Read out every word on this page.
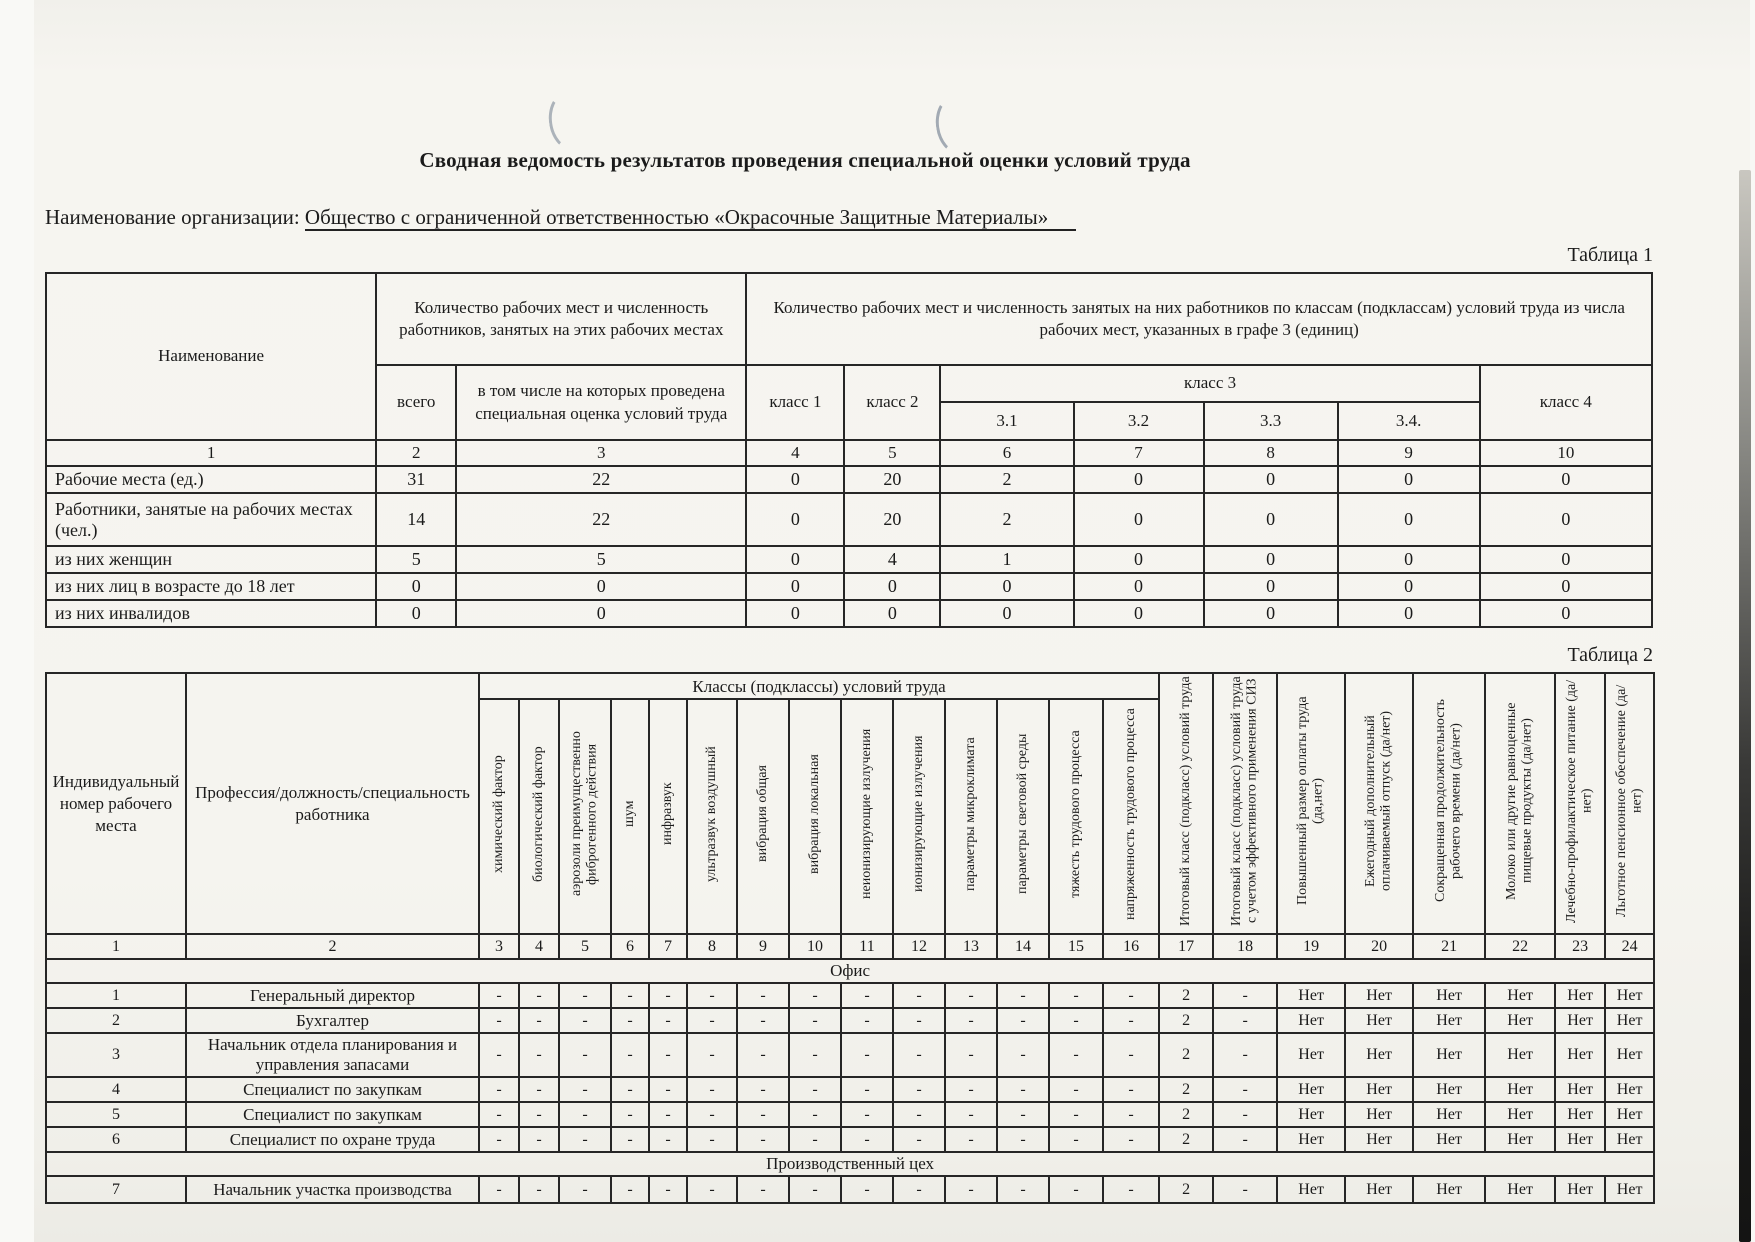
Сводная ведомость результатов проведения специальной оценки условий труда
Наименование организации: Общество с ограниченной ответственностью «Окрасочные Защитные Материалы»
Таблица 1
Наименование	Количество рабочих мест и численность работников, занятых на этих рабочих местах		Количество рабочих мест и численность занятых на них работников по классам (подклассам) условий труда из числа рабочих мест, указанных в графе 3 (единиц)						
	всего	в том числе на которых проведена специальная оценка условий труда	класс 1	класс 2	класс 3				класс 4
					3.1	3.2	3.3	3.4.	
1	2	3	4	5	6	7	8	9	10
Рабочие места (ед.)	31	22	0	20	2	0	0	0	0
Работники, занятые на рабочих местах (чел.)	14	22	0	20	2	0	0	0	0
из них женщин	5	5	0	4	1	0	0	0	0
из них лиц в возрасте до 18 лет	0	0	0	0	0	0	0	0	0
из них инвалидов	0	0	0	0	0	0	0	0	0
Таблица 2
Индивидуальный номер рабочего места	Профессия/должность/специальность работника	Классы (подклассы) условий труда														Итоговый класс (подкласс) условий труда	Итоговый класс (подкласс) условий труда с учетом эффективного применения СИЗ	Повышенный размер оплаты труда (да,нет)	Ежегодный дополнительный оплачиваемый отпуск (да/нет)	Сокращенная продолжительность рабочего времени (да/нет)	Молоко или другие равноценные пищевые продукты (да/нет)	Лечебно-профилактическое питание (да/нет)	Льготное пенсионное обеспечение (да/нет)
		химический фактор	биологический фактор	аэрозоли преимущественно фиброгенного действия	шум	инфразвук	ультразвук воздушный	вибрация общая	вибрация локальная	неионизирующие излучения	ионизирующие излучения	параметры микроклимата	параметры световой среды	тяжесть трудового процесса	напряженность трудового процесса								
1	2	3	4	5	6	7	8	9	10	11	12	13	14	15	16	17	18	19	20	21	22	23	24
Офис																							
1	Генеральный директор	-	-	-	-	-	-	-	-	-	-	-	-	-	-	2	-	Нет	Нет	Нет	Нет	Нет	Нет
2	Бухгалтер	-	-	-	-	-	-	-	-	-	-	-	-	-	-	2	-	Нет	Нет	Нет	Нет	Нет	Нет
3	Начальник отдела планирования и управления запасами	-	-	-	-	-	-	-	-	-	-	-	-	-	-	2	-	Нет	Нет	Нет	Нет	Нет	Нет
4	Специалист по закупкам	-	-	-	-	-	-	-	-	-	-	-	-	-	-	2	-	Нет	Нет	Нет	Нет	Нет	Нет
5	Специалист по закупкам	-	-	-	-	-	-	-	-	-	-	-	-	-	-	2	-	Нет	Нет	Нет	Нет	Нет	Нет
6	Специалист по охране труда	-	-	-	-	-	-	-	-	-	-	-	-	-	-	2	-	Нет	Нет	Нет	Нет	Нет	Нет
Производственный цех																							
7	Начальник участка производства	-	-	-	-	-	-	-	-	-	-	-	-	-	-	2	-	Нет	Нет	Нет	Нет	Нет	Нет
